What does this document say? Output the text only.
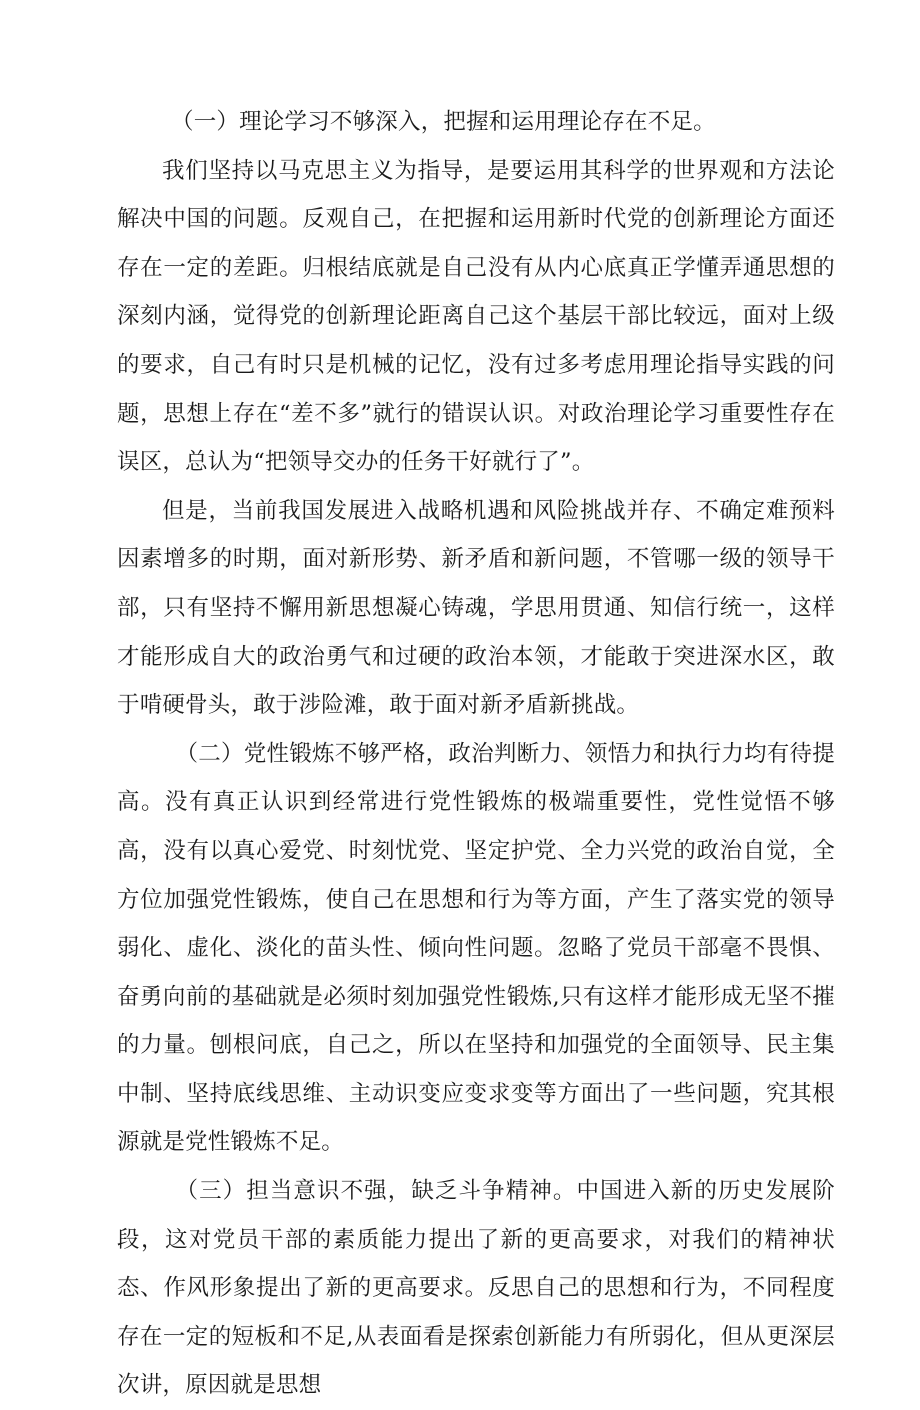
（一）理论学习不够深入，把握和运用理论存在不足。

我们坚持以马克思主义为指导，是要运用其科学的世界观和方法论解决中国的问题。反观自己，在把握和运用新时代党的创新理论方面还存在一定的差距。归根结底就是自己没有从内心底真正学懂弄通思想的深刻内涵，觉得党的创新理论距离自己这个基层干部比较远，面对上级的要求，自己有时只是机械的记忆，没有过多考虑用理论指导实践的问题，思想上存在“差不多”就行的错误认识。对政治理论学习重要性存在误区，总认为“把领导交办的任务干好就行了”。

但是，当前我国发展进入战略机遇和风险挑战并存、不确定难预料因素增多的时期，面对新形势、新矛盾和新问题，不管哪一级的领导干部，只有坚持不懈用新思想凝心铸魂，学思用贯通、知信行统一，这样才能形成自大的政治勇气和过硬的政治本领，才能敢于突进深水区，敢于啃硬骨头，敢于涉险滩，敢于面对新矛盾新挑战。

（二）党性锻炼不够严格，政治判断力、领悟力和执行力均有待提高。没有真正认识到经常进行党性锻炼的极端重要性，党性觉悟不够高，没有以真心爱党、时刻忧党、坚定护党、全力兴党的政治自觉，全方位加强党性锻炼，使自己在思想和行为等方面，产生了落实党的领导弱化、虚化、淡化的苗头性、倾向性问题。忽略了党员干部毫不畏惧、奋勇向前的基础就是必须时刻加强党性锻炼,只有这样才能形成无坚不摧的力量。刨根问底，自己之，所以在坚持和加强党的全面领导、民主集中制、坚持底线思维、主动识变应变求变等方面出了一些问题，究其根源就是党性锻炼不足。

（三）担当意识不强，缺乏斗争精神。中国进入新的历史发展阶段，这对党员干部的素质能力提出了新的更高要求，对我们的精神状态、作风形象提出了新的更高要求。反思自己的思想和行为，不同程度存在一定的短板和不足,从表面看是探索创新能力有所弱化，但从更深层次讲，原因就是思想
